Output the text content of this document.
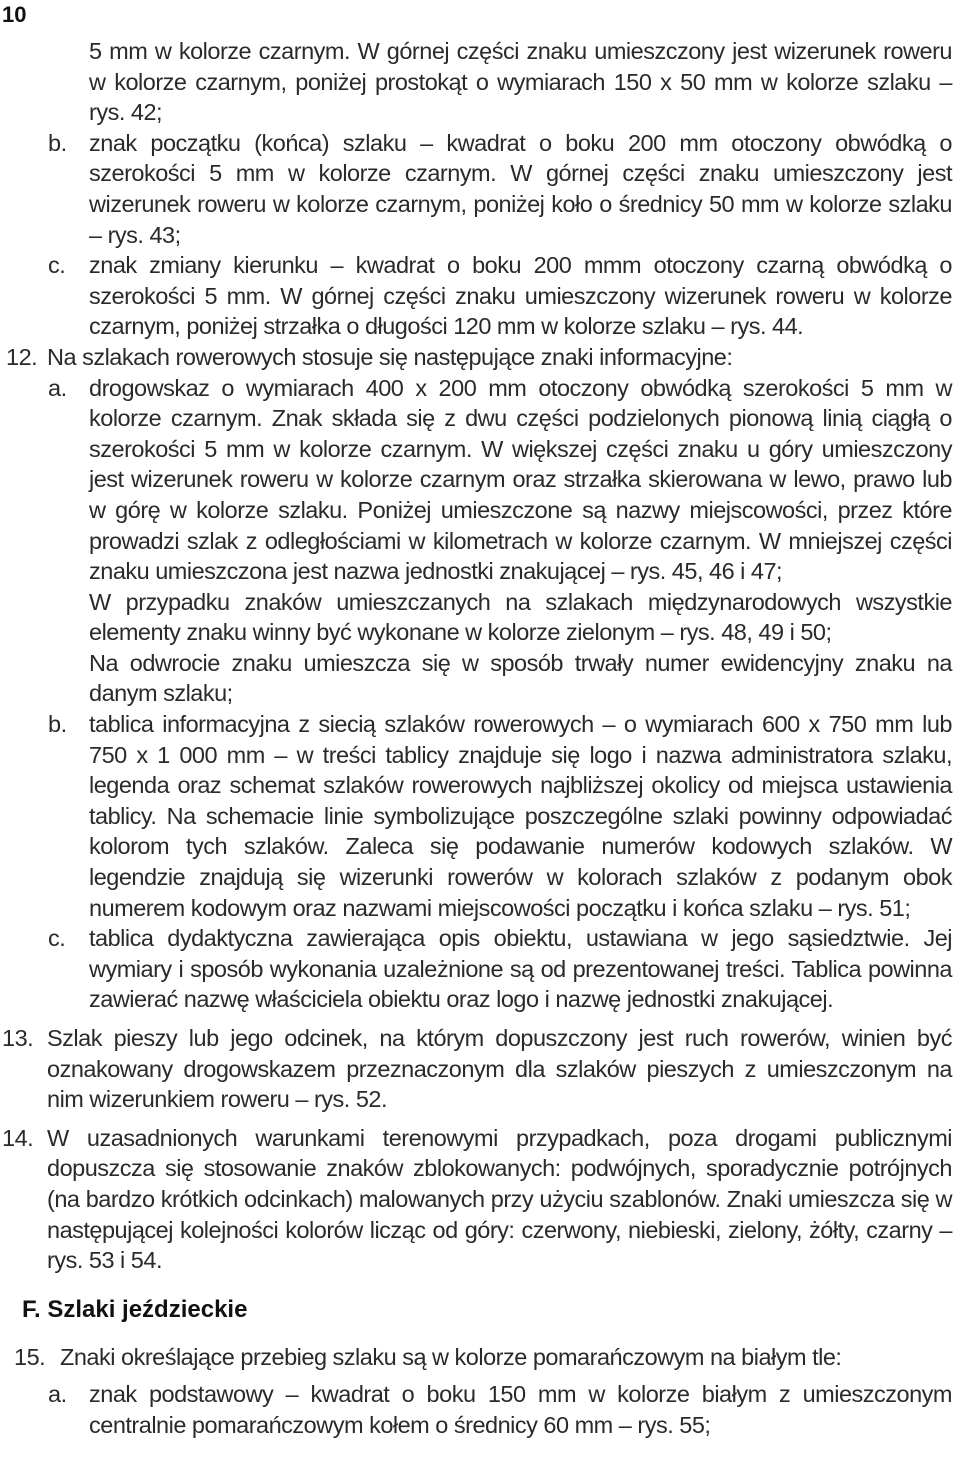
10
5 mm w kolorze czarnym. W górnej części znaku umieszczony jest wizerunek roweru w kolorze czarnym, poniżej prostokąt o wymiarach 150 x 50 mm w kolorze szlaku – rys. 42;
b. znak początku (końca) szlaku – kwadrat o boku 200 mm otoczony obwódką o szerokości 5 mm w kolorze czarnym. W górnej części znaku umieszczony jest wizerunek roweru w kolorze czarnym, poniżej koło o średnicy 50 mm w kolorze szlaku – rys. 43;
c. znak zmiany kierunku – kwadrat o boku 200 mmm otoczony czarną obwódką o szerokości 5 mm. W górnej części znaku umieszczony wizerunek roweru w kolorze czarnym, poniżej strzałka o długości 120 mm w kolorze szlaku – rys. 44.
12. Na szlakach rowerowych stosuje się następujące znaki informacyjne:
a. drogowskaz o wymiarach 400 x 200 mm otoczony obwódką szerokości 5 mm w kolorze czarnym. Znak składa się z dwu części podzielonych pionową linią ciągłą o szerokości 5 mm w kolorze czarnym. W większej części znaku u góry umieszczony jest wizerunek roweru w kolorze czarnym oraz strzałka skierowana w lewo, prawo lub w górę w kolorze szlaku. Poniżej umieszczone są nazwy miejscowości, przez które prowadzi szlak z odległościami w kilometrach w kolorze czarnym. W mniejszej części znaku umieszczona jest nazwa jednostki znakującej – rys. 45, 46 i 47;
W przypadku znaków umieszczanych na szlakach międzynarodowych wszystkie elementy znaku winny być wykonane w kolorze zielonym – rys. 48, 49 i 50;
Na odwrocie znaku umieszcza się w sposób trwały numer ewidencyjny znaku na danym szlaku;
b. tablica informacyjna z siecią szlaków rowerowych – o wymiarach 600 x 750 mm lub 750 x 1 000 mm – w treści tablicy znajduje się logo i nazwa administratora szlaku, legenda oraz schemat szlaków rowerowych najbliższej okolicy od miejsca ustawienia tablicy. Na schemacie linie symbolizujące poszczególne szlaki powinny odpowiadać kolorom tych szlaków. Zaleca się podawanie numerów kodowych szlaków. W legendzie znajdują się wizerunki rowerów w kolorach szlaków z podanym obok numerem kodowym oraz nazwami miejscowości początku i końca szlaku – rys. 51;
c. tablica dydaktyczna zawierająca opis obiektu, ustawiana w jego sąsiedztwie. Jej wymiary i sposób wykonania uzależnione są od prezentowanej treści. Tablica powinna zawierać nazwę właściciela obiektu oraz logo i nazwę jednostki znakującej.
13. Szlak pieszy lub jego odcinek, na którym dopuszczony jest ruch rowerów, winien być oznakowany drogowskazem przeznaczonym dla szlaków pieszych z umieszczonym na nim wizerunkiem roweru – rys. 52.
14. W uzasadnionych warunkami terenowymi przypadkach, poza drogami publicznymi dopuszcza się stosowanie znaków zblokowanych: podwójnych, sporadycznie potrójnych (na bardzo krótkich odcinkach) malowanych przy użyciu szablonów. Znaki umieszcza się w następującej kolejności kolorów licząc od góry: czerwony, niebieski, zielony, żółty, czarny – rys. 53 i 54.
F. Szlaki jeździeckie
15. Znaki określające przebieg szlaku są w kolorze pomarańczowym na białym tle:
a. znak podstawowy – kwadrat o boku 150 mm w kolorze białym z umieszczonym centralnie pomarańczowym kołem o średnicy 60 mm – rys. 55;
